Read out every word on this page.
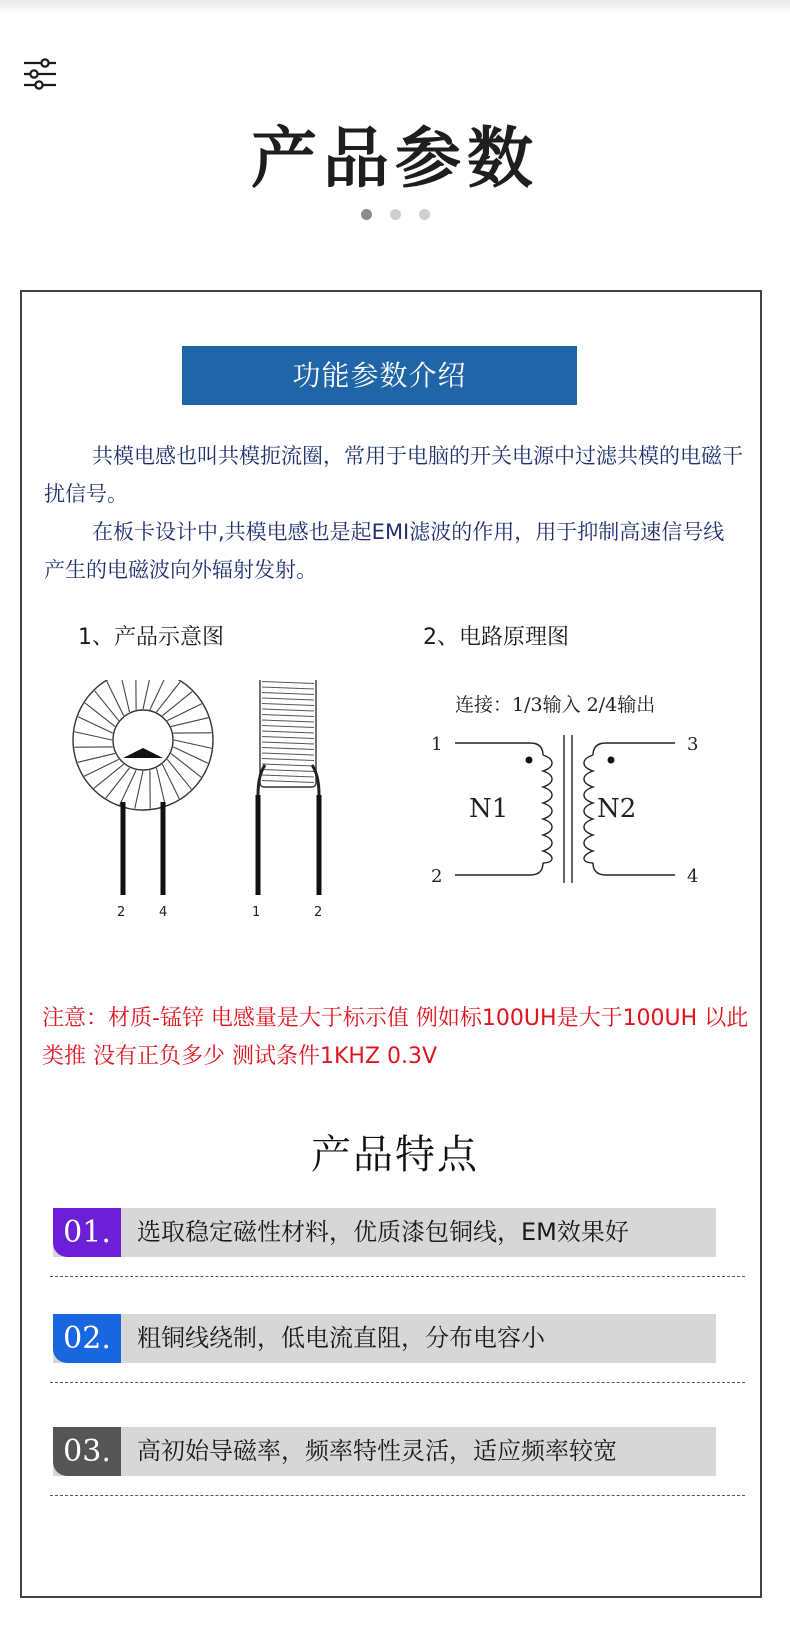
产品参数
功能参数介绍

共模电感也叫共模扼流圈，常用于电脑的开关电源中过滤共模的电磁干扰信号。

在板卡设计中,共模电感也是起EMI滤波的作用，用于抑制高速信号线产生的电磁波向外辐射发射。

1、产品示意图	2、电路原理图
2	4	1	2
连接：1/3输入 2/4输出
1
2
3
4
N1	N2
注意：材质-锰锌 电感量是大于标示值 例如标100UH是大于100UH 以此类推 没有正负多少 测试条件1KHZ 0.3V
产品特点
01.	选取稳定磁性材料，优质漆包铜线，EM效果好
02.	粗铜线绕制，低电流直阻，分布电容小
03.	高初始导磁率，频率特性灵活，适应频率较宽
